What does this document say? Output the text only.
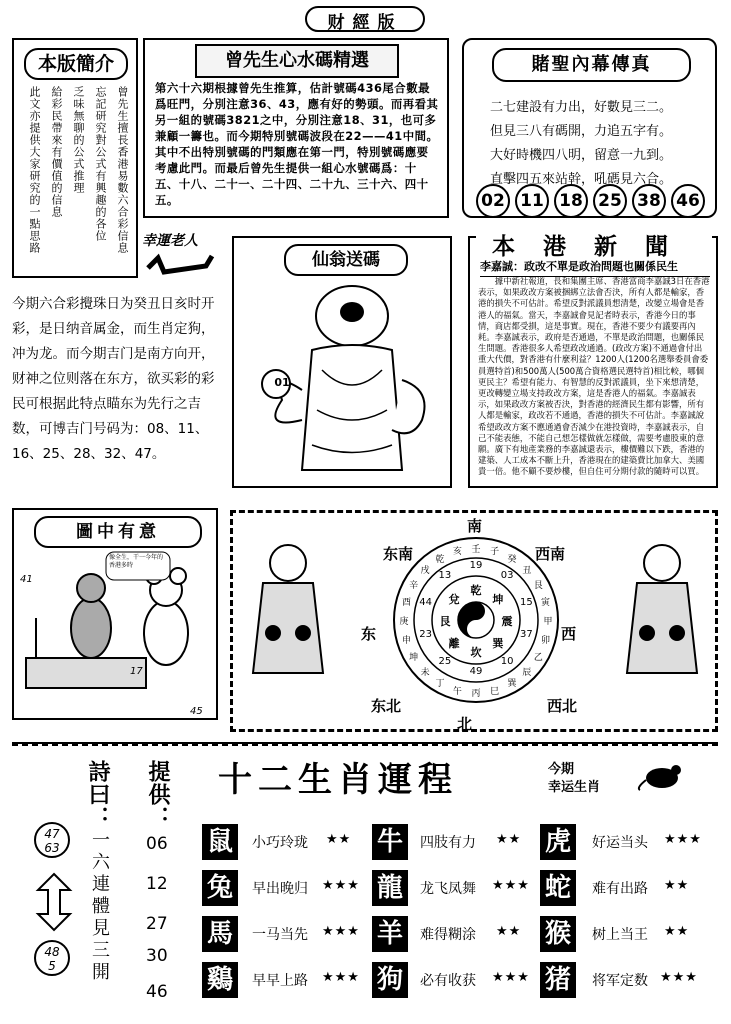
财經版
本版簡介
曾先生擅長香港易數六合彩信息
忘記研究對公式有興趣的各位
乏味無聊的公式推理
給彩民帶來有價值的信息
此文亦提供大家研究的一點思路
曾先生心水碼精選
第六十六期根據曾先生推算，估計號碼436尾合數最爲旺門，分別注意36、43，應有好的勢頭。而再看其另一組的號碼3821之中，分別注意18、31，也可多兼顧一籌也。而今期特別號碼波段在22——41中間。其中不出特別號碼的門類應在第一門，特別號碼應要考慮此門。而最后曾先生提供一組心水號碼爲：十五、十八、二十一、二十四、二十九、三十六、四十五。
賭聖內幕傳真
二七建設有力出，好數見三二。
但見三八有碼開，力追五字有。
大好時機四八明，留意一九到。
直擊四五來站幹，吼碼見六合。
02 11 18 25 38 46
幸運老人
今期六合彩攪珠日为癸丑日亥时开彩，是日纳音属金，而生肖定狗，冲为龙。而今期吉门是南方向开，财神之位则落在东方，欲买彩的彩民可根据此特点瞄东为先行之吉数，可博吉门号码为：08、11、16、25、28、32、47。
仙翁送碼
01
本港新聞
李嘉誠：政改不單是政治問題也關係民生

據中新社報道，長和集團主席、香港富商李嘉誠3日在香港表示，如果政改方案被捆綁立法會否決，所有人都是輸家，香港的損失不可估計。希望反對派議員想清楚，改變立場會是香港人的福氣。當天，李嘉誠會見記者時表示，香港今日的事情，商店都受損，這是事實。現在，香港不要少有議要再內耗。李嘉誠表示，政府是否通過，不單是政治問題，也關係民生問題。香港很多人希望政改通過。(政改方案)不通過會付出重大代價，對香港有什麼利益？1200人(1200名選舉委員會委員選特首)和500萬人(500萬合資格選民選特首)相比較，哪個更民主？希望有能力、有智慧的反對派議員，坐下來想清楚，更改轉變立場支持政改方案，這是香港人的福氣。李嘉誠表示，如果政改方案被否決，對香港的經濟民生都有影響，所有人都是輸家，政改若不通過，香港的損失不可估計。李嘉誠說希望政改方案不應通過會否減少在港投資時，李嘉誠表示，自己不能表態，不能自己想怎樣做就怎樣做，需要考慮股東的意願。廣下有地產業務的李嘉誠還表示，樓價難以下跌，香港的建築、人工成本不斷上升，香港現在的建築費比加拿大、美國貴一倍。他不顧不要炒樓，但自住可分期付款的隨時可以買。

圖中有意
像全生，干一今年的香港多時
41
17
45
南
北
东	西
东南	西南
东北	西北
乾
坤
震
巽
坎
離
艮
兌
19
03
15
37
10
49
25
23
44
13
壬 子
癸
丑
艮
寅
甲
卯
乙
辰
巽
巳
丙
午
丁
未
坤
申
庚
酉
辛
戌
乾
亥
詩曰：
一六連體見三開
提供：
06
12
27
30
46
47
63
48
5
十二生肖運程	今期
幸运生肖
鼠	小巧玲珑 ★★ 牛	四肢有力 ★★ 虎	好运当头 ★★★
兔	早出晚归 ★★★ 龍	龙飞凤舞 ★★★ 蛇	难有出路 ★★
馬	一马当先 ★★★ 羊	难得糊涂 ★★ 猴	树上当王 ★★
鷄	早早上路 ★★★ 狗	必有收获 ★★★ 猪	将军定数 ★★★
